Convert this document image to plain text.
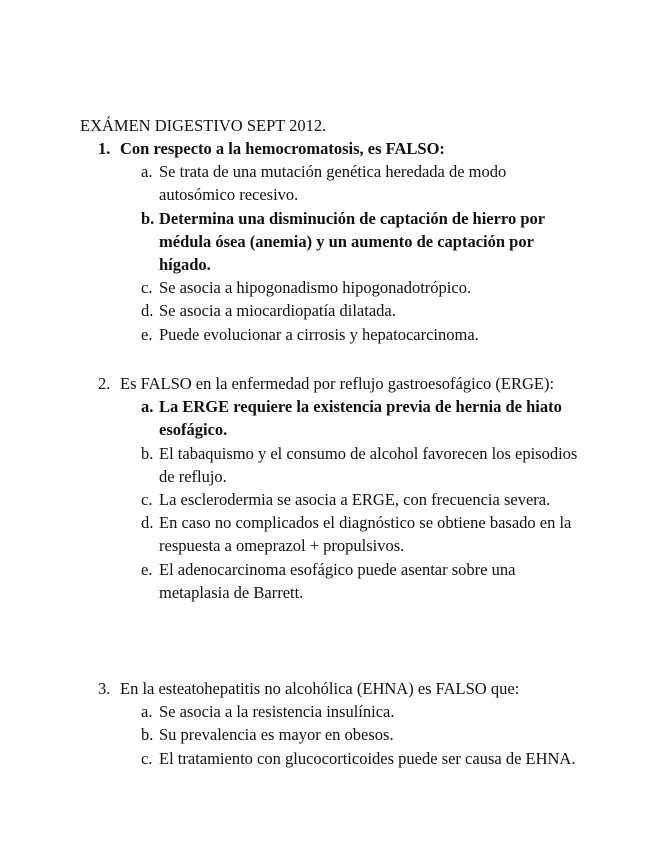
EXÁMEN DIGESTIVO SEPT 2012.
1. Con respecto a la hemocromatosis, es FALSO:
a. Se trata de una mutación genética heredada de modo autosómico recesivo.
b. Determina una disminución de captación de hierro por médula ósea (anemia) y un aumento de captación por hígado.
c. Se asocia a hipogonadismo hipogonadotrópico.
d. Se asocia a miocardiopatía dilatada.
e. Puede evolucionar a cirrosis y hepatocarcinoma.
2. Es FALSO en la enfermedad por reflujo gastroesofágico (ERGE):
a. La ERGE requiere la existencia previa de hernia de hiato esofágico.
b. El tabaquismo y el consumo de alcohol favorecen los episodios de reflujo.
c. La esclerodermia se asocia a ERGE, con frecuencia severa.
d. En caso no complicados el diagnóstico se obtiene basado en la respuesta a omeprazol + propulsivos.
e. El adenocarcinoma esofágico puede asentar sobre una metaplasia de Barrett.
3. En la esteatohepatitis no alcohólica (EHNA) es FALSO que:
a. Se asocia a la resistencia insulínica.
b. Su prevalencia es mayor en obesos.
c. El tratamiento con glucocorticoides puede ser causa de EHNA.
